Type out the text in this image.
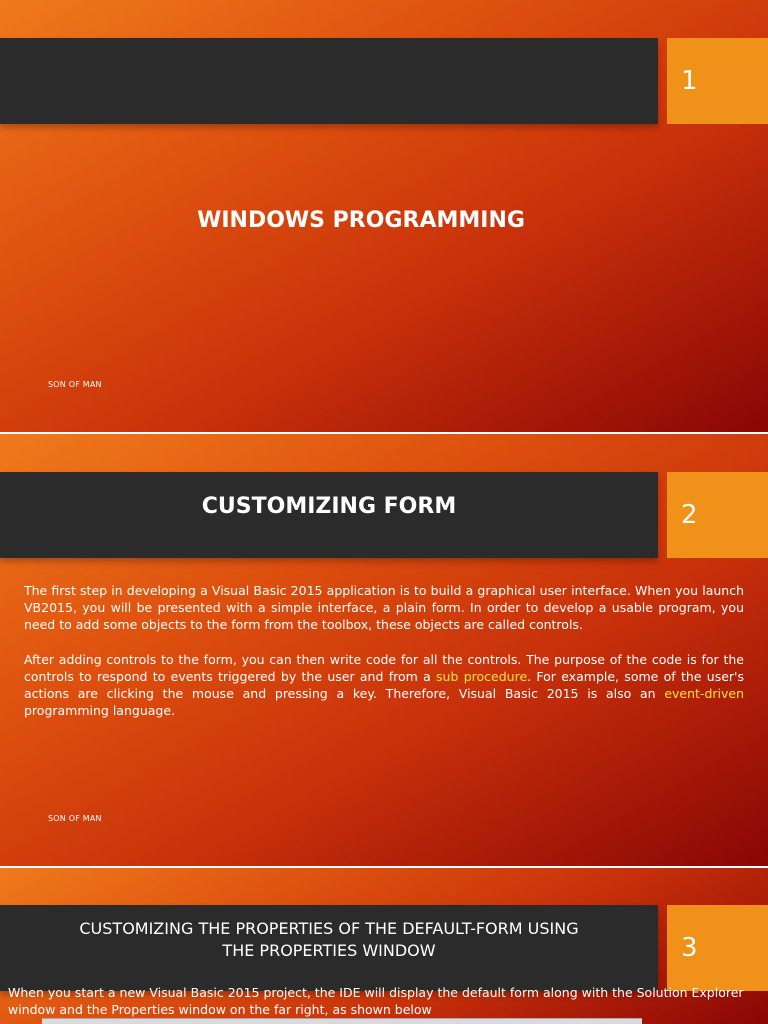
1
WINDOWS PROGRAMMING
SON OF MAN
CUSTOMIZING FORM	2

The first step in developing a Visual Basic 2015 application is to build a graphical user interface. When you launch VB2015, you will be presented with a simple interface, a plain form. In order to develop a usable program, you need to add some objects to the form from the toolbox, these objects are called controls.

After adding controls to the form, you can then write code for all the controls. The purpose of the code is for the controls to respond to events triggered by the user and from a sub procedure. For example, some of the user's actions are clicking the mouse and pressing a key. Therefore, Visual Basic 2015 is also an event-driven programming language.

SON OF MAN
CUSTOMIZING THE PROPERTIES OF THE DEFAULT-FORM USING
THE PROPERTIES WINDOW	3
When you start a new Visual Basic 2015 project, the IDE will display the default form along with the Solution Explorer window and the Properties window on the far right, as shown below
